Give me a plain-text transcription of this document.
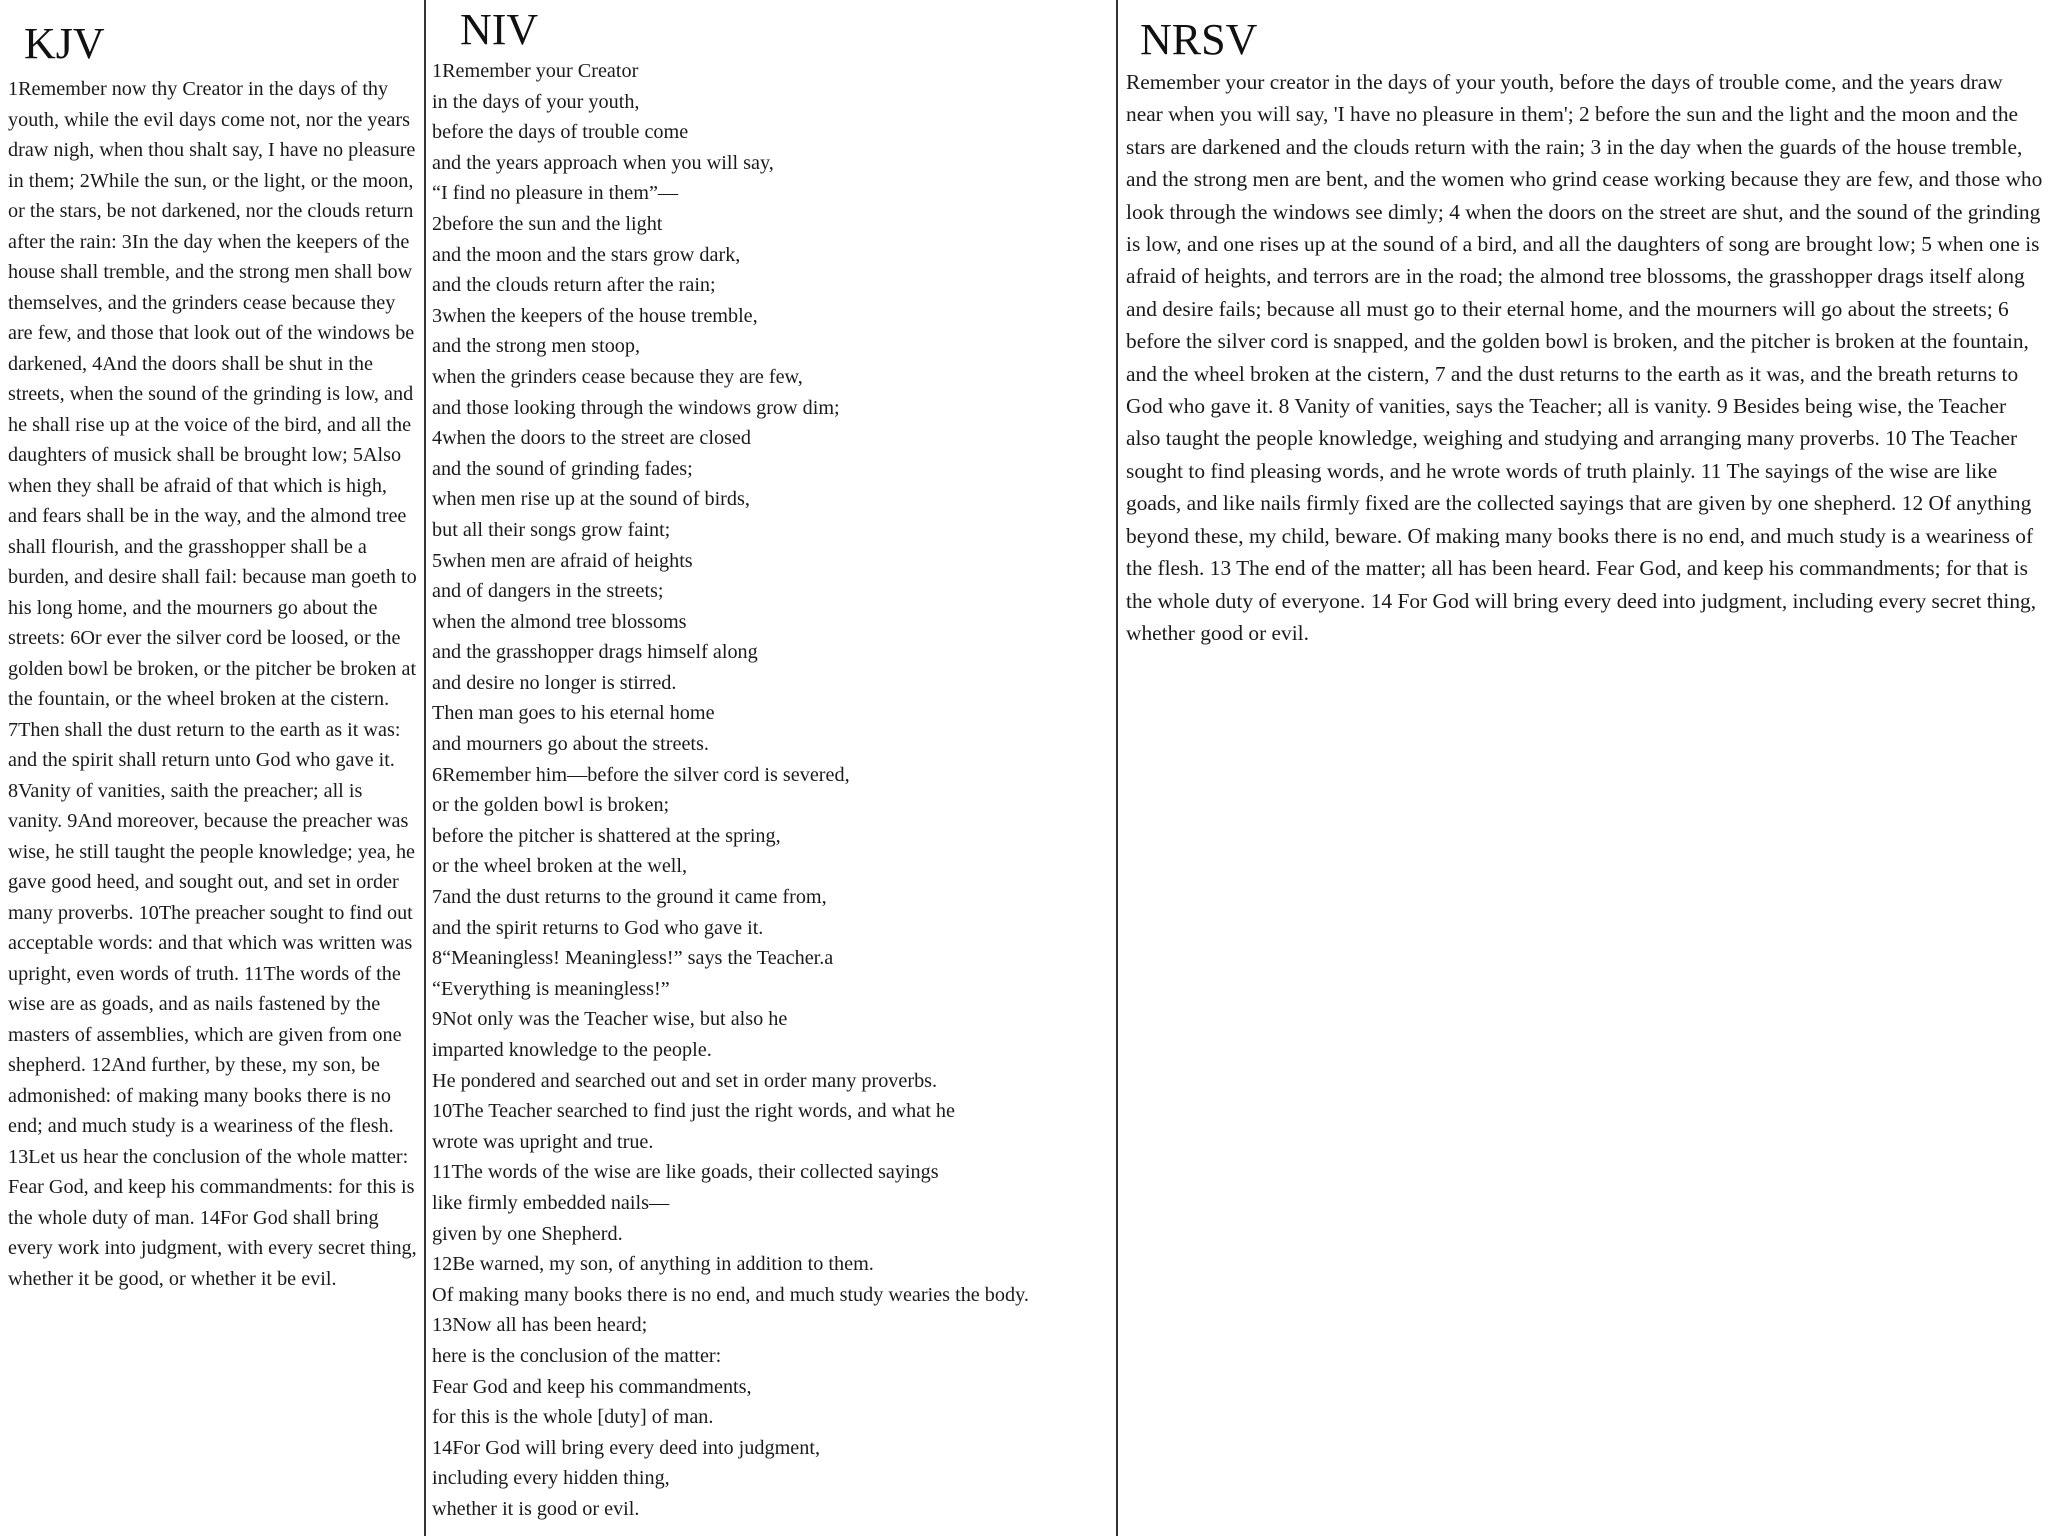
KJV

1Remember now thy Creator in the days of thy youth, while the evil days come not, nor the years draw nigh, when thou shalt say, I have no pleasure in them; 2While the sun, or the light, or the moon, or the stars, be not darkened, nor the clouds return after the rain: 3In the day when the keepers of the house shall tremble, and the strong men shall bow themselves, and the grinders cease because they are few, and those that look out of the windows be darkened, 4And the doors shall be shut in the streets, when the sound of the grinding is low, and he shall rise up at the voice of the bird, and all the daughters of musick shall be brought low; 5Also when they shall be afraid of that which is high, and fears shall be in the way, and the almond tree shall flourish, and the grasshopper shall be a burden, and desire shall fail: because man goeth to his long home, and the mourners go about the streets: 6Or ever the silver cord be loosed, or the golden bowl be broken, or the pitcher be broken at the fountain, or the wheel broken at the cistern. 7Then shall the dust return to the earth as it was: and the spirit shall return unto God who gave it. 8Vanity of vanities, saith the preacher; all is vanity. 9And moreover, because the preacher was wise, he still taught the people knowledge; yea, he gave good heed, and sought out, and set in order many proverbs. 10The preacher sought to find out acceptable words: and that which was written was upright, even words of truth. 11The words of the wise are as goads, and as nails fastened by the masters of assemblies, which are given from one shepherd. 12And further, by these, my son, be admonished: of making many books there is no end; and much study is a weariness of the flesh. 13Let us hear the conclusion of the whole matter: Fear God, and keep his commandments: for this is the whole duty of man. 14For God shall bring every work into judgment, with every secret thing, whether it be good, or whether it be evil.

NIV
1Remember your Creator
in the days of your youth,
before the days of trouble come
and the years approach when you will say,
“I find no pleasure in them”—
2before the sun and the light
and the moon and the stars grow dark,
and the clouds return after the rain;
3when the keepers of the house tremble,
and the strong men stoop,
when the grinders cease because they are few,
and those looking through the windows grow dim;
4when the doors to the street are closed
and the sound of grinding fades;
when men rise up at the sound of birds,
but all their songs grow faint;
5when men are afraid of heights
and of dangers in the streets;
when the almond tree blossoms
and the grasshopper drags himself along
and desire no longer is stirred.
Then man goes to his eternal home
and mourners go about the streets.
6Remember him—before the silver cord is severed,
or the golden bowl is broken;
before the pitcher is shattered at the spring,
or the wheel broken at the well,
7and the dust returns to the ground it came from,
and the spirit returns to God who gave it.
8“Meaningless! Meaningless!” says the Teacher.a
“Everything is meaningless!”
9Not only was the Teacher wise, but also he
imparted knowledge to the people.
He pondered and searched out and set in order many proverbs.
10The Teacher searched to find just the right words, and what he
wrote was upright and true.
11The words of the wise are like goads, their collected sayings
like firmly embedded nails—
given by one Shepherd.
12Be warned, my son, of anything in addition to them.
Of making many books there is no end, and much study wearies the body.
13Now all has been heard;
here is the conclusion of the matter:
Fear God and keep his commandments,
for this is the whole [duty] of man.
14For God will bring every deed into judgment,
including every hidden thing,
whether it is good or evil.
NRSV

Remember your creator in the days of your youth, before the days of trouble come, and the years draw near when you will say, 'I have no pleasure in them'; 2 before the sun and the light and the moon and the stars are darkened and the clouds return with the rain; 3 in the day when the guards of the house tremble, and the strong men are bent, and the women who grind cease working because they are few, and those who look through the windows see dimly; 4 when the doors on the street are shut, and the sound of the grinding is low, and one rises up at the sound of a bird, and all the daughters of song are brought low; 5 when one is afraid of heights, and terrors are in the road; the almond tree blossoms, the grasshopper drags itself along and desire fails; because all must go to their eternal home, and the mourners will go about the streets; 6 before the silver cord is snapped, and the golden bowl is broken, and the pitcher is broken at the fountain, and the wheel broken at the cistern, 7 and the dust returns to the earth as it was, and the breath returns to God who gave it. 8 Vanity of vanities, says the Teacher; all is vanity. 9 Besides being wise, the Teacher also taught the people knowledge, weighing and studying and arranging many proverbs. 10 The Teacher sought to find pleasing words, and he wrote words of truth plainly. 11 The sayings of the wise are like goads, and like nails firmly fixed are the collected sayings that are given by one shepherd. 12 Of anything beyond these, my child, beware. Of making many books there is no end, and much study is a weariness of the flesh. 13 The end of the matter; all has been heard. Fear God, and keep his commandments; for that is the whole duty of everyone. 14 For God will bring every deed into judgment, including every secret thing, whether good or evil.
